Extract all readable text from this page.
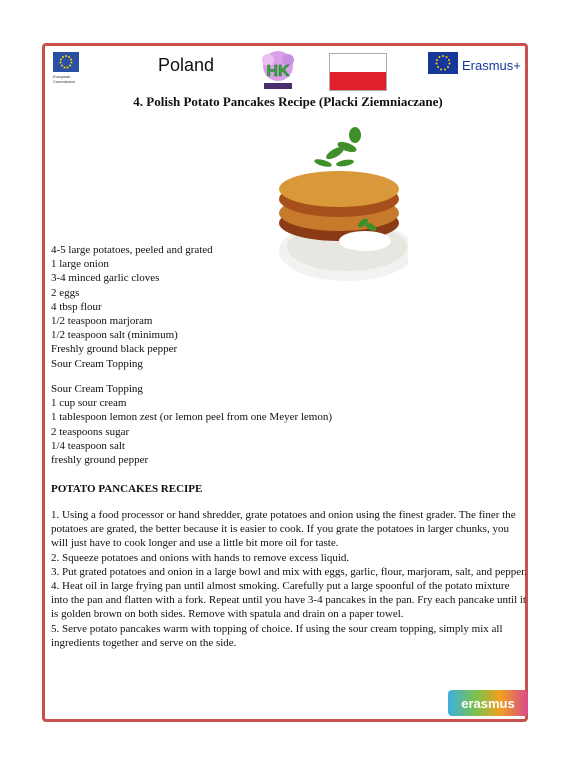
European
Commission
Poland	HK	Erasmus+
4. Polish Potato Pancakes Recipe (Placki Ziemniaczane)

4-5 large potatoes, peeled and grated

1 large onion

3-4 minced garlic cloves

2 eggs

4 tbsp flour

1/2 teaspoon marjoram

1/2 teaspoon salt (minimum)

Freshly ground black pepper

Sour Cream Topping

Sour Cream Topping

1 cup sour cream

1 tablespoon lemon zest (or lemon peel from one Meyer lemon)

2 teaspoons sugar

1/4 teaspoon salt

freshly ground pepper

POTATO PANCAKES RECIPE

1. Using a food processor or hand shredder, grate potatoes and onion using the finest grader. The finer the potatoes are grated, the better because it is easier to cook. If you grate the potatoes in larger chunks, you will just have to cook longer and use a little bit more oil for taste.

2. Squeeze potatoes and onions with hands to remove excess liquid.

3. Put grated potatoes and onion in a large bowl and mix with eggs, garlic, flour, marjoram, salt, and pepper.

4. Heat oil in large frying pan until almost smoking. Carefully put a large spoonful of the potato mixture into the pan and flatten with a fork. Repeat until you have 3-4 pancakes in the pan. Fry each pancake until it is golden brown on both sides. Remove with spatula and drain on a paper towel.

5. Serve potato pancakes warm with topping of choice. If using the sour cream topping, simply mix all ingredients together and serve on the side.

erasmus
